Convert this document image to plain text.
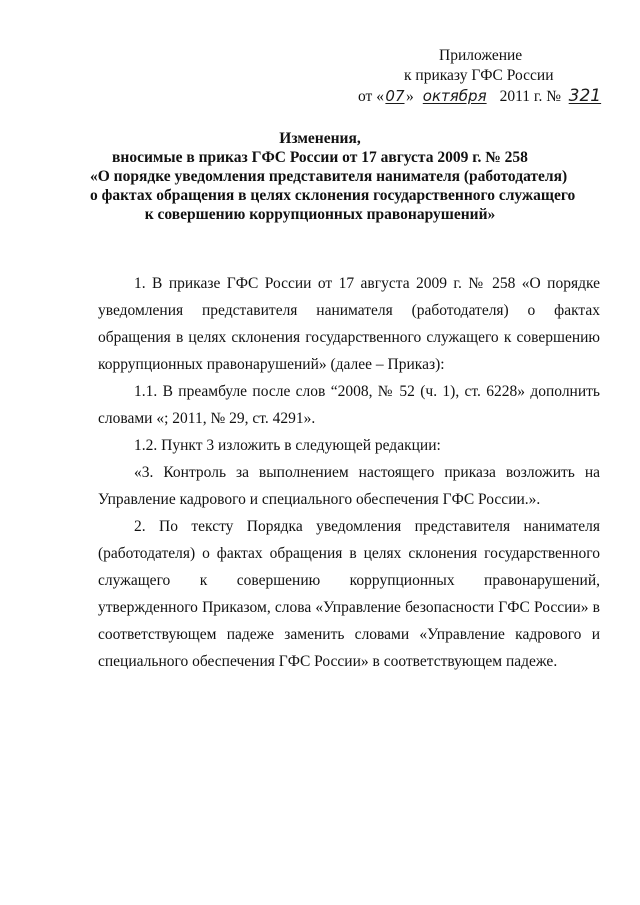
Приложение
к приказу ГФС России
от «07» октября 2011 г. № 321
Изменения,
вносимые в приказ ГФС России от 17 августа 2009 г. № 258
«О порядке уведомления представителя нанимателя (работодателя)
о фактах обращения в целях склонения государственного служащего
к совершению коррупционных правонарушений»

1. В приказе ГФС России от 17 августа 2009 г. № 258 «О порядке уведомления представителя нанимателя (работодателя) о фактах обращения в целях склонения государственного служащего к совершению коррупционных правонарушений» (далее – Приказ):

1.1. В преамбуле после слов “2008, № 52 (ч. 1), ст. 6228» дополнить словами «; 2011, № 29, ст. 4291».

1.2. Пункт 3 изложить в следующей редакции:

«3. Контроль за выполнением настоящего приказа возложить на Управление кадрового и специального обеспечения ГФС России.».

2. По тексту Порядка уведомления представителя нанимателя (работодателя) о фактах обращения в целях склонения государственного служащего к совершению коррупционных правонарушений, утвержденного Приказом, слова «Управление безопасности ГФС России» в соответствующем падеже заменить словами «Управление кадрового и специального обеспечения ГФС России» в соответствующем падеже.
